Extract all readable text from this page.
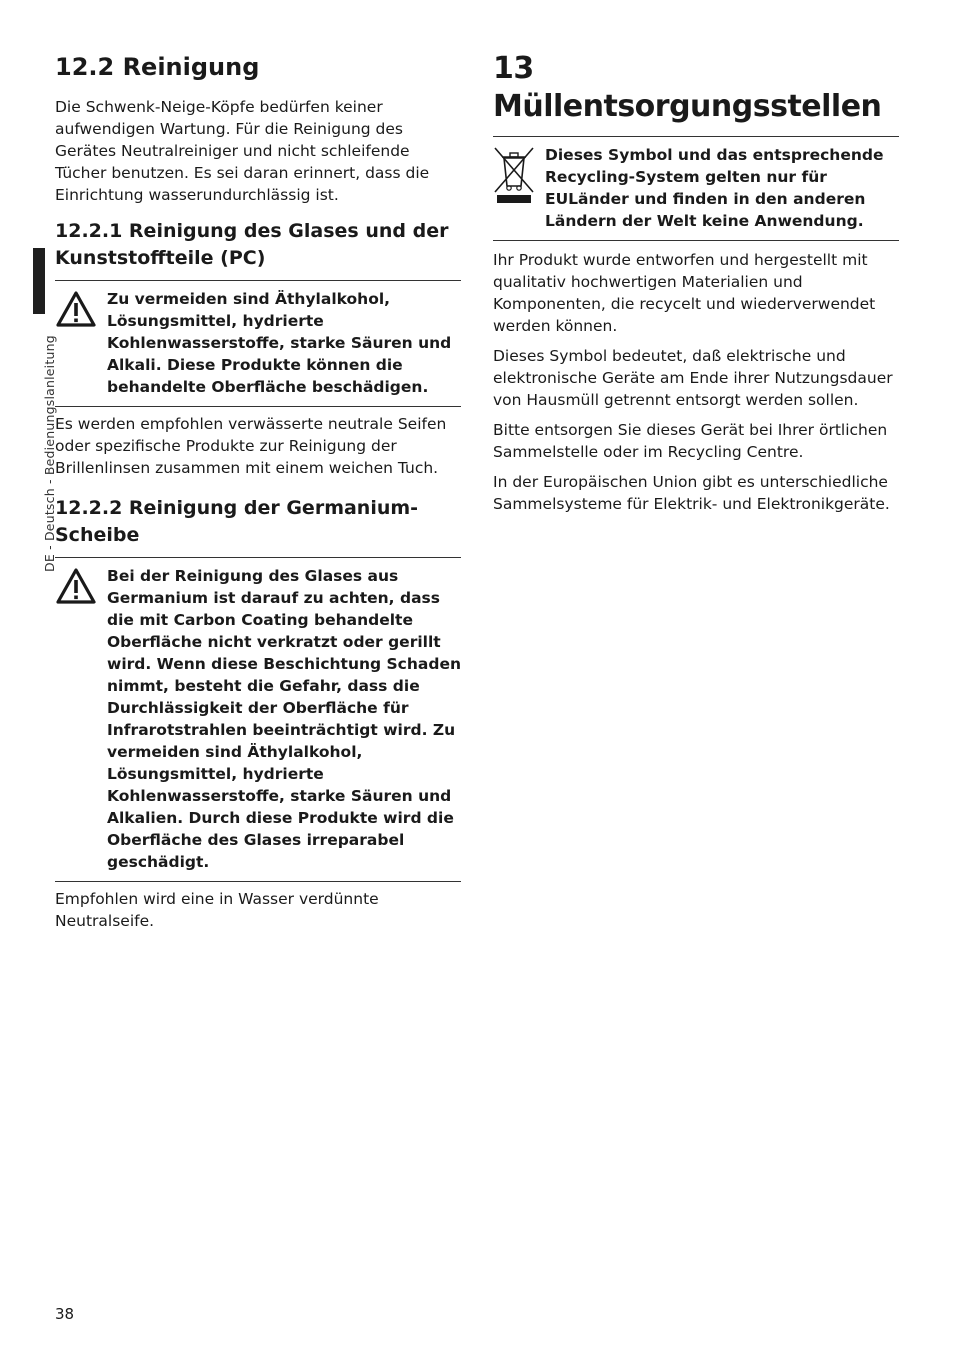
DE - Deutsch - Bedienungslanleitung
12.2 Reinigung

Die Schwenk-Neige-Köpfe bedürfen keiner aufwendigen Wartung. Für die Reinigung des Gerätes Neutralreiniger und nicht schleifende Tücher benutzen. Es sei daran erinnert, dass die Einrichtung wasserundurchlässig ist.

12.2.1 Reinigung des Glases und der Kunststoffteile (PC)
Zu vermeiden sind Äthylalkohol, Lösungsmittel, hydrierte Kohlenwasserstoffe, starke Säuren und Alkali. Diese Produkte können die behandelte Oberfläche beschädigen.

Es werden empfohlen verwässerte neutrale Seifen oder spezifische Produkte zur Reinigung der Brillenlinsen zusammen mit einem weichen Tuch.

12.2.2 Reinigung der Germanium-Scheibe
Bei der Reinigung des Glases aus Germanium ist darauf zu achten, dass die mit Carbon Coating behandelte Oberfläche nicht verkratzt oder gerillt wird. Wenn diese Beschichtung Schaden nimmt, besteht die Gefahr, dass die Durchlässigkeit der Oberfläche für Infrarotstrahlen beeinträchtigt wird. Zu vermeiden sind Äthylalkohol, Lösungsmittel, hydrierte Kohlenwasserstoffe, starke Säuren und Alkalien. Durch diese Produkte wird die Oberfläche des Glases irreparabel geschädigt.

Empfohlen wird eine in Wasser verdünnte Neutralseife.

13 Müllentsorgungsstellen
Dieses Symbol und das entsprechende Recycling-System gelten nur für EULänder und finden in den anderen Ländern der Welt keine Anwendung.

Ihr Produkt wurde entworfen und hergestellt mit qualitativ hochwertigen Materialien und Komponenten, die recycelt und wiederverwendet werden können.

Dieses Symbol bedeutet, daß elektrische und elektronische Geräte am Ende ihrer Nutzungsdauer von Hausmüll getrennt entsorgt werden sollen.

Bitte entsorgen Sie dieses Gerät bei Ihrer örtlichen Sammelstelle oder im Recycling Centre.

In der Europäischen Union gibt es unterschiedliche Sammelsysteme für Elektrik- und Elektronikgeräte.

38
